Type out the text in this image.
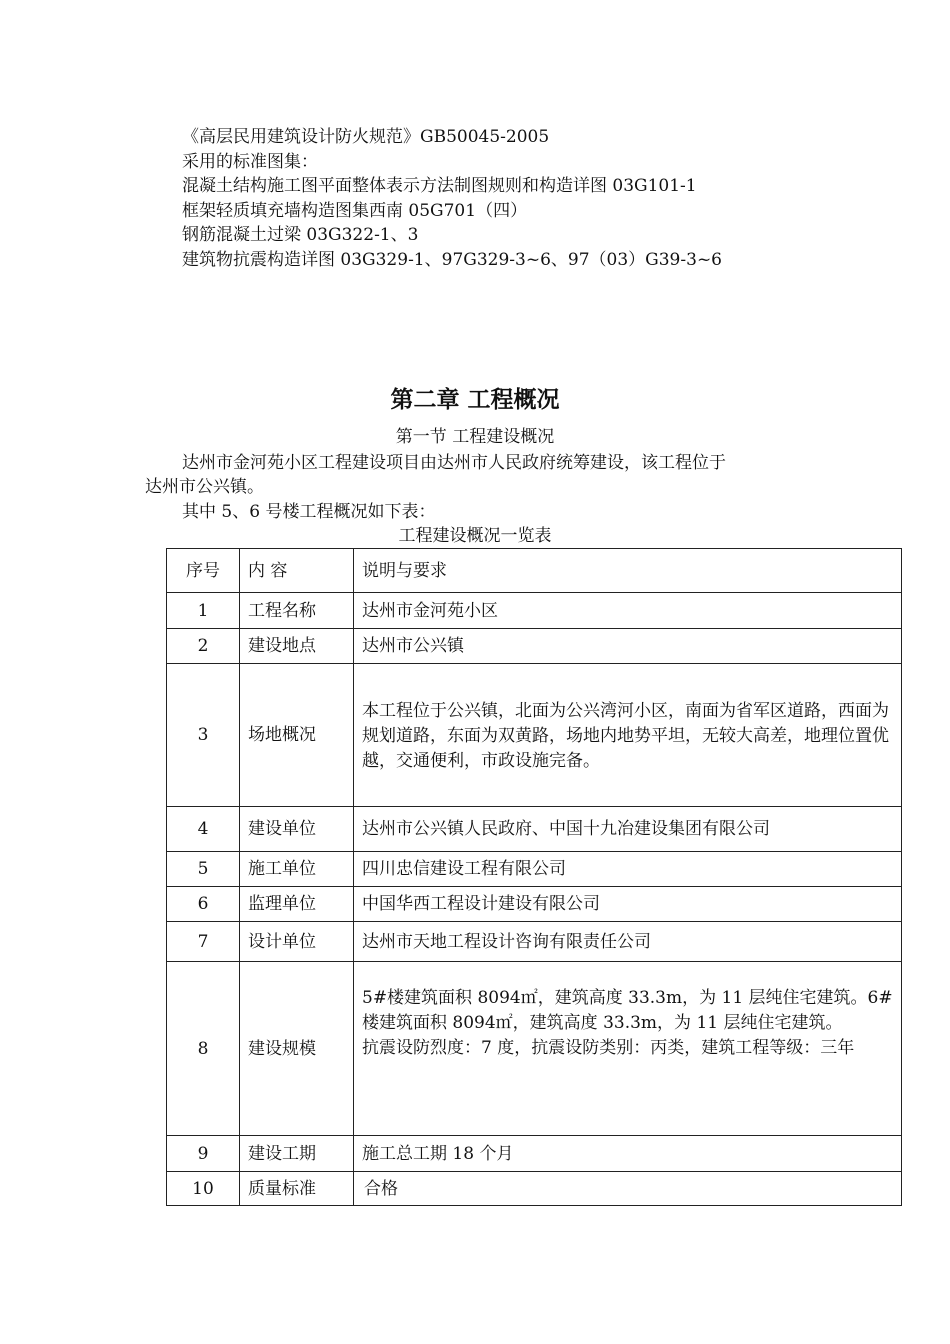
《高层民用建筑设计防火规范》GB50045-2005
采用的标准图集：
混凝土结构施工图平面整体表示方法制图规则和构造详图 03G101-1
框架轻质填充墙构造图集西南 05G701（四）
钢筋混凝土过梁 03G322-1、3
建筑物抗震构造详图 03G329-1、97G329-3~6、97（03）G39-3~6
第二章 工程概况
第一节 工程建设概况
达州市金河苑小区工程建设项目由达州市人民政府统筹建设，该工程位于
达州市公兴镇。
其中 5、6 号楼工程概况如下表：
工程建设概况一览表
序号	内 容	说明与要求
1	工程名称	达州市金河苑小区
2	建设地点	达州市公兴镇
3	场地概况	本工程位于公兴镇，北面为公兴湾河小区，南面为省军区道路，西面为规划道路，东面为双黄路，场地内地势平坦，无较大高差，地理位置优越，交通便利，市政设施完备。
4	建设单位	达州市公兴镇人民政府、中国十九冶建设集团有限公司
5	施工单位	四川忠信建设工程有限公司
6	监理单位	中国华西工程设计建设有限公司
7	设计单位	达州市天地工程设计咨询有限责任公司
8	建设规模	5#楼建筑面积 8094㎡，建筑高度 33.3m，为 11 层纯住宅建筑。6#楼建筑面积 8094㎡，建筑高度 33.3m，为 11 层纯住宅建筑。
抗震设防烈度：7 度，抗震设防类别：丙类，建筑工程等级：三年

9	建设工期	施工总工期 18 个月
10	质量标准	合格
